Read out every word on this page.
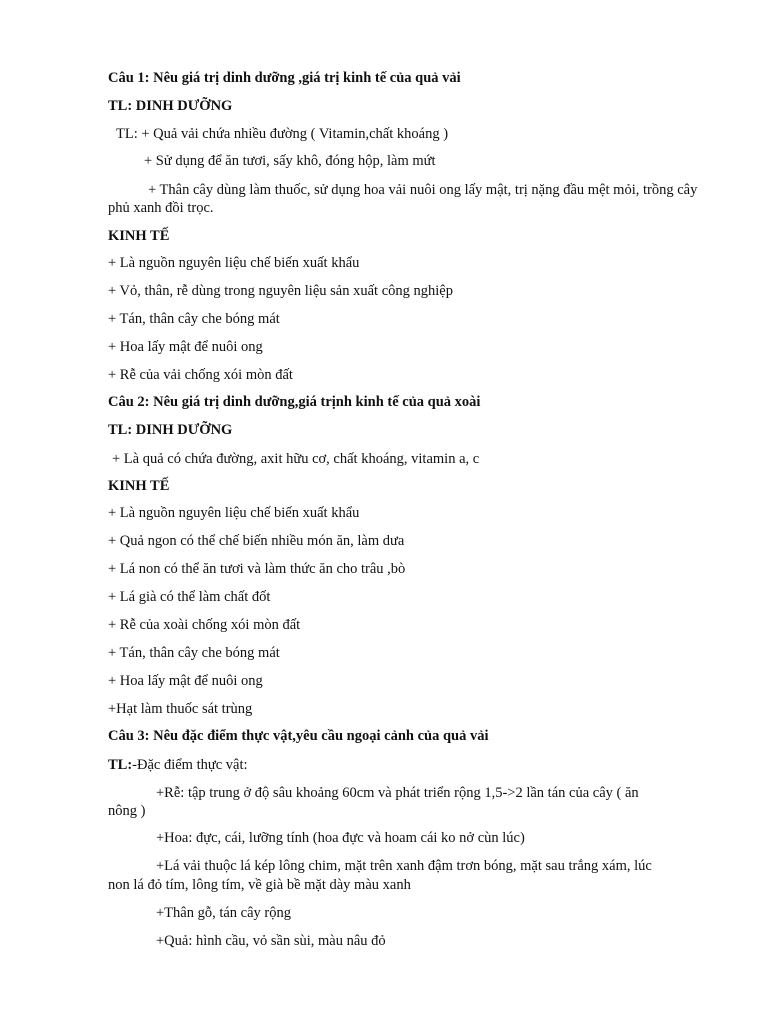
Câu 1: Nêu giá trị dinh dưỡng ,giá trị kinh tế của quả vải
TL: DINH DƯỠNG
TL: + Quả vải chứa nhiều đường ( Vitamin,chất khoáng )
+ Sử dụng để ăn tươi, sấy khô, đóng hộp, làm mứt
+ Thân cây dùng làm thuốc, sử dụng hoa vải nuôi ong lấy mật, trị nặng đầu mệt mỏi, trồng cây phủ xanh đồi trọc.
KINH TẾ
+ Là nguồn nguyên liệu chế biến xuất khẩu
+ Vỏ, thân, rễ dùng trong nguyên liệu sản xuất công nghiệp
+ Tán, thân cây che bóng mát
+ Hoa lấy mật để nuôi ong
+ Rễ của vải chống xói mòn đất
Câu 2: Nêu giá trị dinh dưỡng,giá trịnh kinh tế của quả xoài
TL: DINH DƯỠNG
+ Là quả có chứa đường, axit hữu cơ, chất khoáng, vitamin a, c
KINH TẾ
+ Là nguồn nguyên liệu chế biến xuất khẩu
+ Quả ngon có thể chế biến nhiều món ăn, làm dưa
+ Lá non có thể ăn tươi và làm thức ăn cho trâu ,bò
+ Lá già có thể làm chất đốt
+ Rễ của xoài chống xói mòn đất
+ Tán, thân cây che bóng mát
+ Hoa lấy mật để nuôi ong
+Hạt làm thuốc sát trùng
Câu 3: Nêu đặc điểm thực vật,yêu cầu ngoại cảnh của quả vải
TL:-Đặc điểm thực vật:
+Rễ: tập trung ở độ sâu khoảng 60cm và phát triển rộng 1,5->2 lần tán của cây ( ăn
nông )
+Hoa: đực, cái, lưỡng tính (hoa đực và hoam cái ko nở cùn lúc)
+Lá vải thuộc lá kép lông chim, mặt trên xanh đậm trơn bóng, mặt sau trắng xám, lúc
non lá đỏ tím, lông tím, về già bề mặt dày màu xanh
+Thân gỗ, tán cây rộng
+Quả: hình cầu, vỏ sần sùi, màu nâu đỏ
